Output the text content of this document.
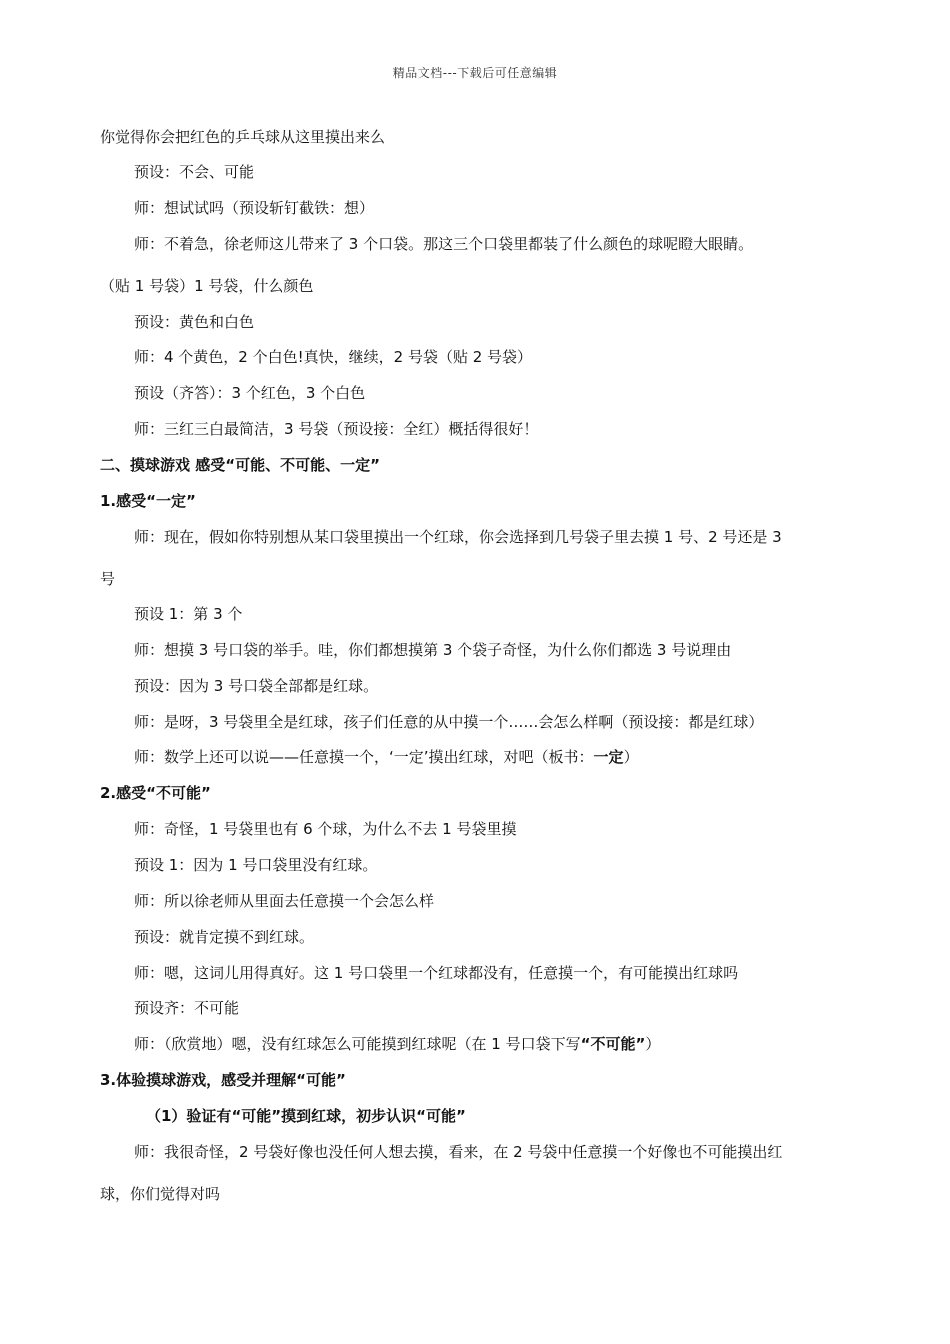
精品文档---下载后可任意编辑
你觉得你会把红色的乒乓球从这里摸出来么
预设：不会、可能
师：想试试吗（预设斩钉截铁：想）
师：不着急，徐老师这儿带来了 3 个口袋。那这三个口袋里都装了什么颜色的球呢瞪大眼睛。
（贴 1 号袋）1 号袋，什么颜色
预设：黄色和白色
师：4 个黄色，2 个白色!真快，继续，2 号袋（贴 2 号袋）
预设（齐答）：3 个红色，3 个白色
师：三红三白最简洁，3 号袋（预设接：全红）概括得很好！
二、摸球游戏 感受“可能、不可能、一定”
1.感受“一定”
师：现在，假如你特别想从某口袋里摸出一个红球，你会选择到几号袋子里去摸 1 号、2 号还是 3
号
预设 1：第 3 个
师：想摸 3 号口袋的举手。哇，你们都想摸第 3 个袋子奇怪，为什么你们都选 3 号说理由
预设：因为 3 号口袋全部都是红球。
师：是呀，3 号袋里全是红球，孩子们任意的从中摸一个……会怎么样啊（预设接：都是红球）
师：数学上还可以说——任意摸一个，‘一定’摸出红球，对吧（板书：一定）
2.感受“不可能”
师：奇怪，1 号袋里也有 6 个球，为什么不去 1 号袋里摸
预设 1：因为 1 号口袋里没有红球。
师：所以徐老师从里面去任意摸一个会怎么样
预设：就肯定摸不到红球。
师：嗯，这词儿用得真好。这 1 号口袋里一个红球都没有，任意摸一个，有可能摸出红球吗
预设齐：不可能
师：（欣赏地）嗯，没有红球怎么可能摸到红球呢（在 1 号口袋下写“不可能”）
3.体验摸球游戏，感受并理解“可能”
（1）验证有“可能”摸到红球，初步认识“可能”
师：我很奇怪，2 号袋好像也没任何人想去摸，看来，在 2 号袋中任意摸一个好像也不可能摸出红
球，你们觉得对吗
